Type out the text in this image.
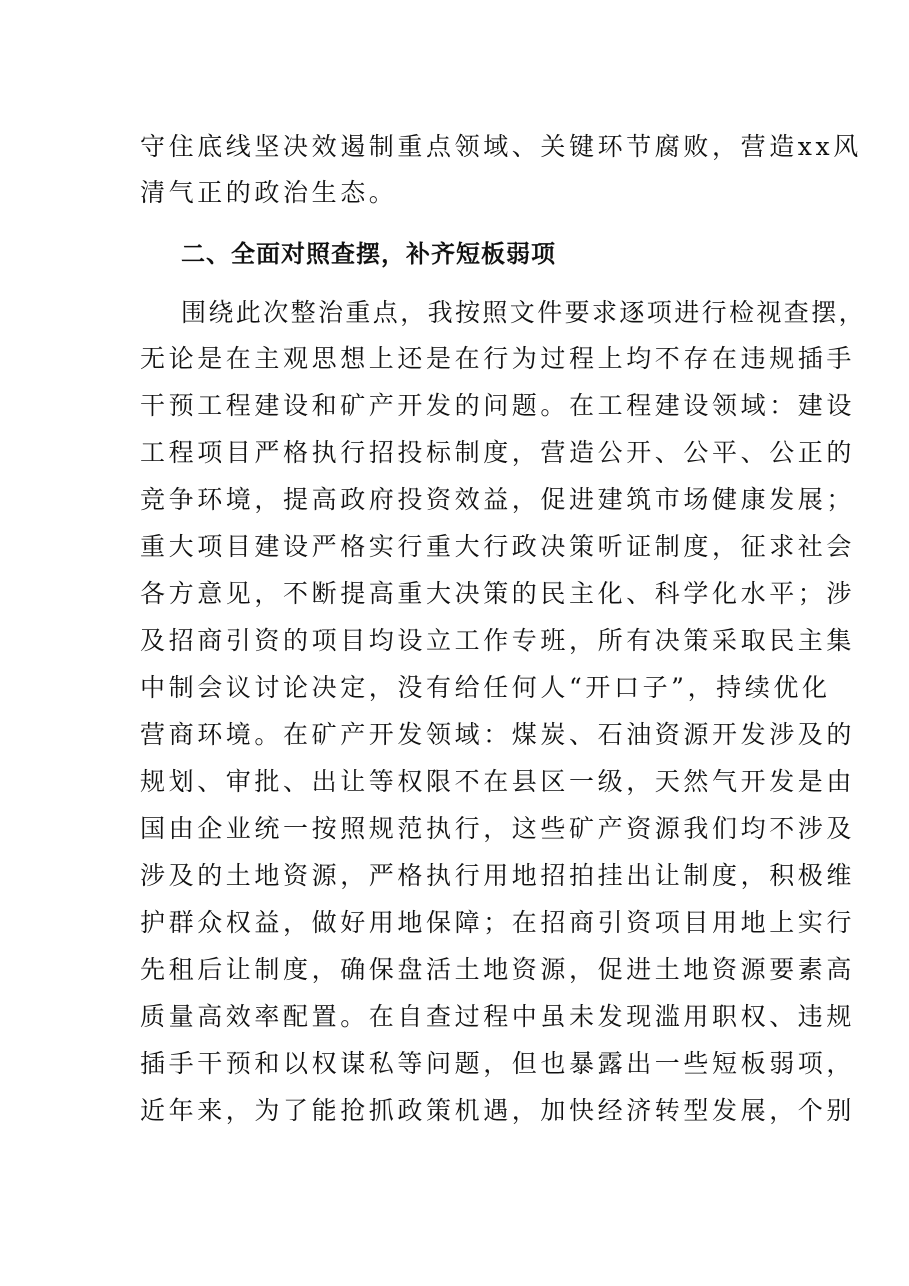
守住底线坚决效遏制重点领域、关键环节腐败，营造xx风
清气正的政治生态。
二、全面对照查摆，补齐短板弱项
围绕此次整治重点，我按照文件要求逐项进行检视查摆，
无论是在主观思想上还是在行为过程上均不存在违规插手
干预工程建设和矿产开发的问题。在工程建设领域：建设
工程项目严格执行招投标制度，营造公开、公平、公正的
竞争环境，提高政府投资效益，促进建筑市场健康发展；
重大项目建设严格实行重大行政决策听证制度，征求社会
各方意见，不断提高重大决策的民主化、科学化水平；涉
及招商引资的项目均设立工作专班，所有决策采取民主集
中制会议讨论决定，没有给任何人“开口子”，持续优化
营商环境。在矿产开发领域：煤炭、石油资源开发涉及的
规划、审批、出让等权限不在县区一级，天然气开发是由
国由企业统一按照规范执行，这些矿产资源我们均不涉及
涉及的土地资源，严格执行用地招拍挂出让制度，积极维
护群众权益，做好用地保障；在招商引资项目用地上实行
先租后让制度，确保盘活土地资源，促进土地资源要素高
质量高效率配置。在自查过程中虽未发现滥用职权、违规
插手干预和以权谋私等问题，但也暴露出一些短板弱项，
近年来，为了能抢抓政策机遇，加快经济转型发展，个别
